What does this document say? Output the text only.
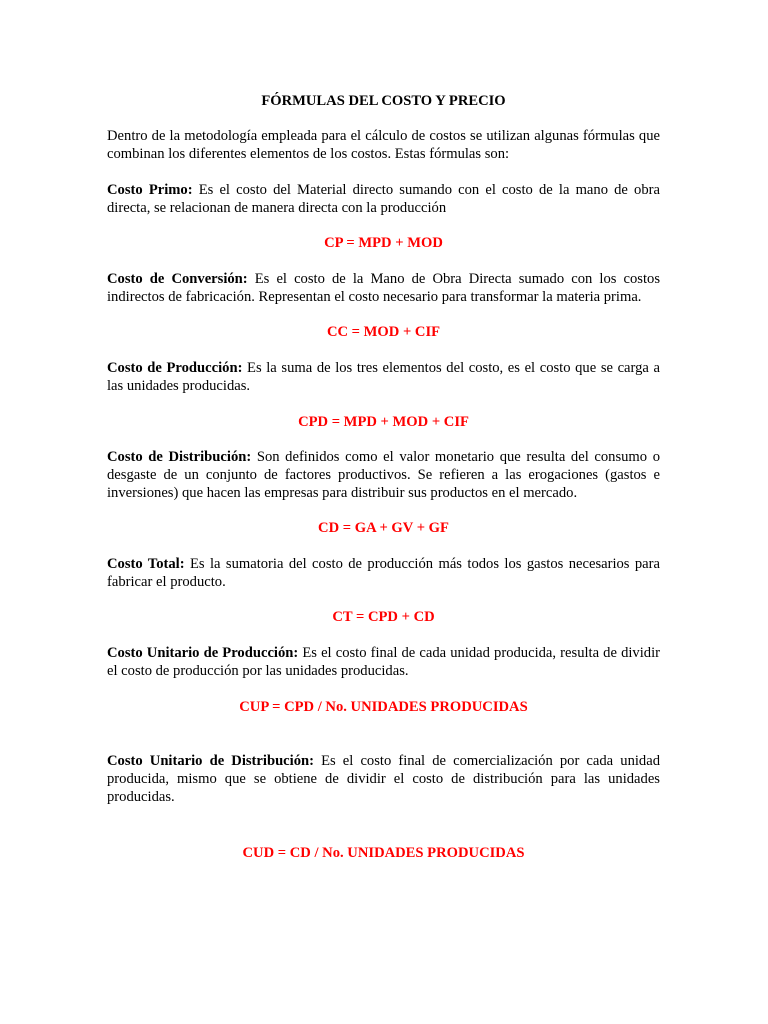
FÓRMULAS DEL COSTO Y PRECIO

Dentro de la metodología empleada para el cálculo de costos se utilizan algunas fórmulas que combinan los diferentes elementos de los costos. Estas fórmulas son:

Costo Primo: Es el costo del Material directo sumando con el costo de la mano de obra directa, se relacionan de manera directa con la producción

CP = MPD + MOD

Costo de Conversión: Es el costo de la Mano de Obra Directa sumado con los costos indirectos de fabricación. Representan el costo necesario para transformar la materia prima.

CC = MOD + CIF

Costo de Producción: Es la suma de los tres elementos del costo, es el costo que se carga a las unidades producidas.

CPD = MPD + MOD + CIF

Costo de Distribución: Son definidos como el valor monetario que resulta del consumo o desgaste de un conjunto de factores productivos. Se refieren a las erogaciones (gastos e inversiones) que hacen las empresas para distribuir sus productos en el mercado.

CD = GA + GV + GF

Costo Total: Es la sumatoria del costo de producción más todos los gastos necesarios para fabricar el producto.

CT = CPD + CD

Costo Unitario de Producción: Es el costo final de cada unidad producida, resulta de dividir el costo de producción por las unidades producidas.

CUP = CPD / No. UNIDADES PRODUCIDAS

Costo Unitario de Distribución: Es el costo final de comercialización por cada unidad producida, mismo que se obtiene de dividir el costo de distribución para las unidades producidas.

CUD = CD / No. UNIDADES PRODUCIDAS
